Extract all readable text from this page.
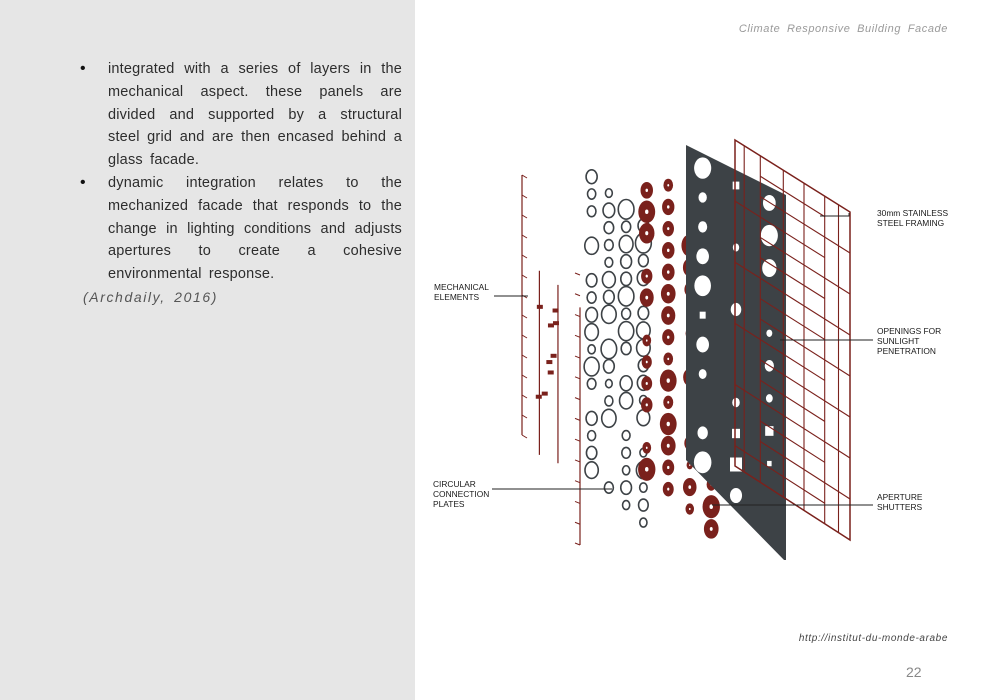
Climate Responsive Building Facade
• integrated with a series of layers in the mechanical aspect. these panels are divided and supported by a structural steel grid and are then encased behind a glass facade.
• dynamic integration relates to the mechanized facade that responds to the change in lighting conditions and adjusts apertures to create a cohesive environmental response.
(Archdaily, 2016)
MECHANICAL ELEMENTS
CIRCULAR CONNECTION PLATES
30mm STAINLESS STEEL FRAMING
OPENINGS FOR SUNLIGHT PENETRATION
APERTURE SHUTTERS
http://institut-du-monde-arabe
22
